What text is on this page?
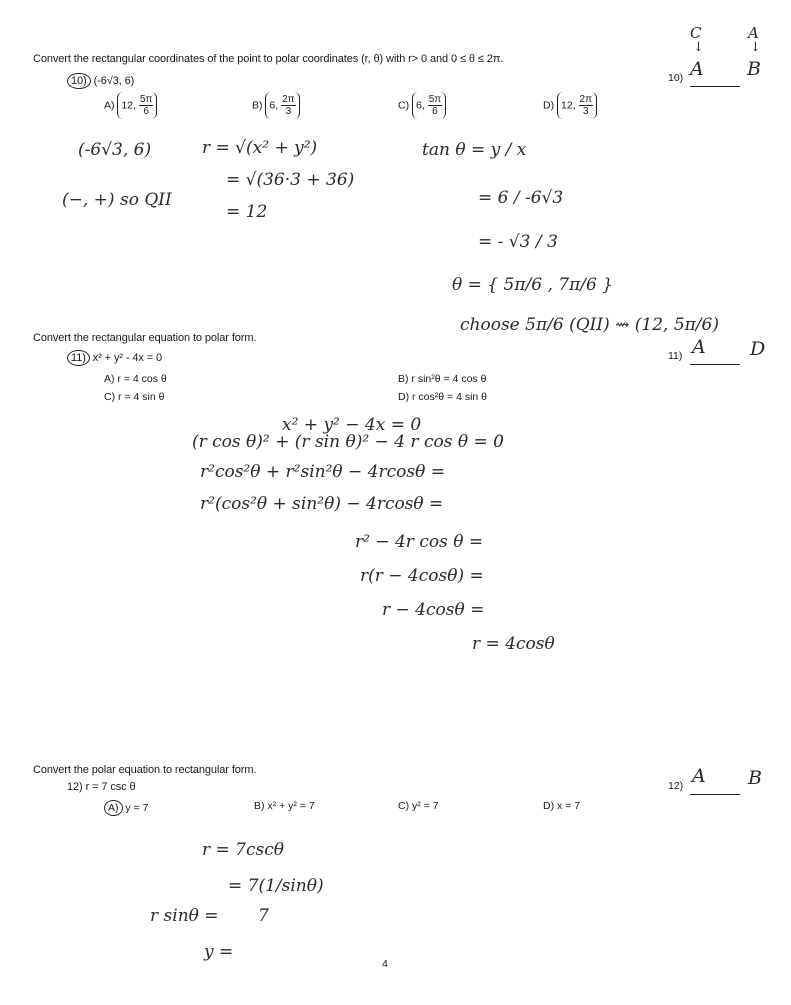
Convert the rectangular coordinates of the point to polar coordinates (r, θ) with r> 0 and 0 ≤ θ ≤ 2π.
10) (-6√3, 6)
A) 12, $\frac{5\pi}{6}$	B) 6, $\frac{2\pi}{3}$	C) 6, $\frac{5\pi}{6}$	D) 12, $\frac{2\pi}{3}$
C
↓
A
↓
10) A B
(-6√3, 6)
(−, +) so QII
r = √(x² + y²)
= √(36·3 + 36)
= 12
tan θ = y / x
= 6 / -6√3
= - √3 / 3
θ = { 5π/6 , 7π/6 }
choose 5π/6 (QII) ⇝ (12, 5π/6)
Convert the rectangular equation to polar form.
11) x² + y² - 4x = 0
A) r = 4 cos θ	B) r sin²θ = 4 cos θ
C) r = 4 sin θ	D) r cos²θ = 4 sin θ
11) A D
x² + y² − 4x = 0
(r cos θ)² + (r sin θ)² − 4 r cos θ = 0
r²cos²θ + r²sin²θ − 4rcosθ =
r²(cos²θ + sin²θ) − 4rcosθ =
r² − 4r cos θ =
r(r − 4cosθ) =
r − 4cosθ =
r = 4cosθ
Convert the polar equation to rectangular form.
12) r = 7 csc θ
A) y = 7	B) x² + y² = 7	C) y² = 7	D) x = 7
12) A B
r = 7cscθ
= 7(1/sinθ)
r sinθ = 7
y =
4
